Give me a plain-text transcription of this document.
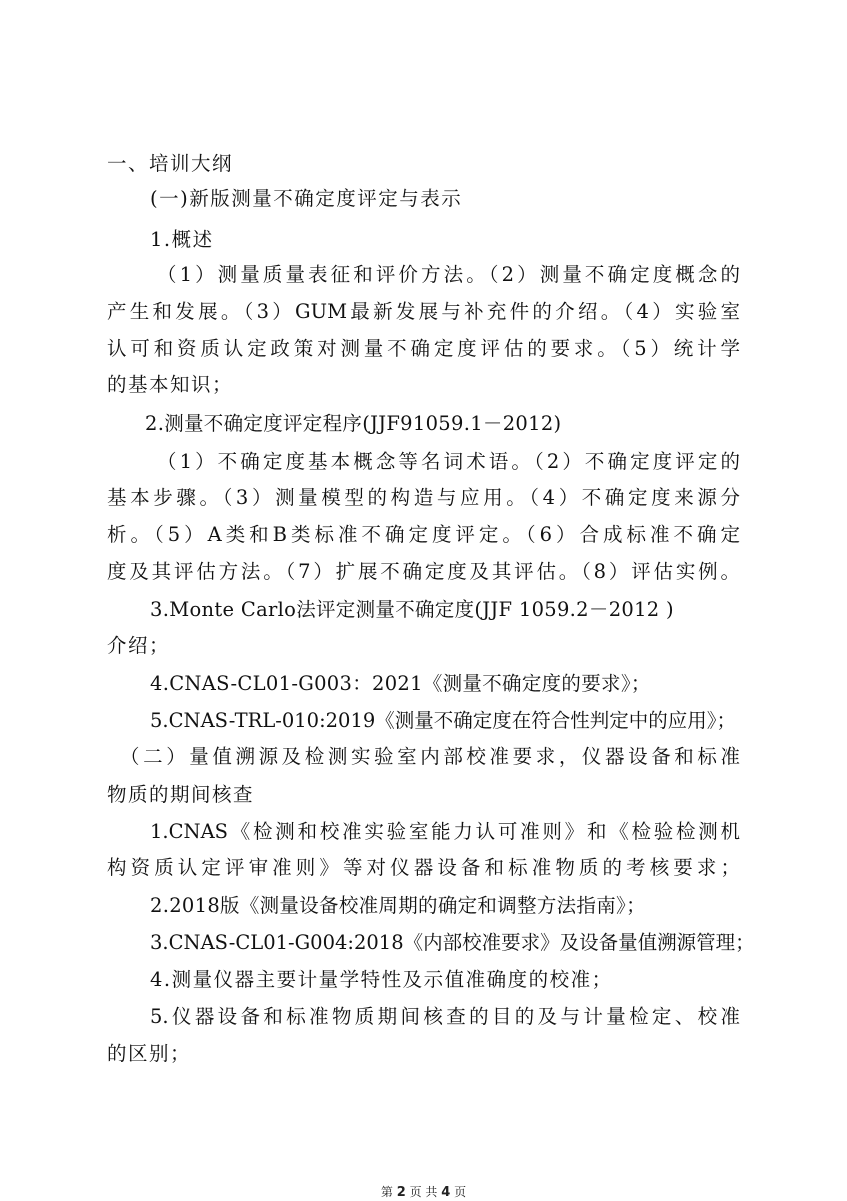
一、培训大纲
(一)新版测量不确定度评定与表示
1.概述
（1）测量质量表征和评价方法。（2）测量不确定度概念的
产生和发展。（3）GUM最新发展与补充件的介绍。（4）实验室
认可和资质认定政策对测量不确定度评估的要求。（5）统计学
的基本知识；
2.测量不确定度评定程序(JJF91059.1－2012)
（1）不确定度基本概念等名词术语。（2）不确定度评定的
基本步骤。（3）测量模型的构造与应用。（4）不确定度来源分
析。（5）A类和B类标准不确定度评定。（6）合成标准不确定
度及其评估方法。（7）扩展不确定度及其评估。（8）评估实例。
3.Monte Carlo法评定测量不确定度(JJF 1059.2－2012 )
介绍；
4.CNAS-CL01-G003：2021《测量不确定度的要求》；
5.CNAS-TRL-010:2019《测量不确定度在符合性判定中的应用》；
（二）量值溯源及检测实验室内部校准要求，仪器设备和标准
物质的期间核查
1.CNAS《检测和校准实验室能力认可准则》和《检验检测机
构资质认定评审准则》等对仪器设备和标准物质的考核要求；
2.2018版《测量设备校准周期的确定和调整方法指南》；
3.CNAS-CL01-G004:2018《内部校准要求》及设备量值溯源管理；
4.测量仪器主要计量学特性及示值准确度的校准；
5.仪器设备和标准物质期间核查的目的及与计量检定、校准
的区别；
第 2 页 共 4 页
